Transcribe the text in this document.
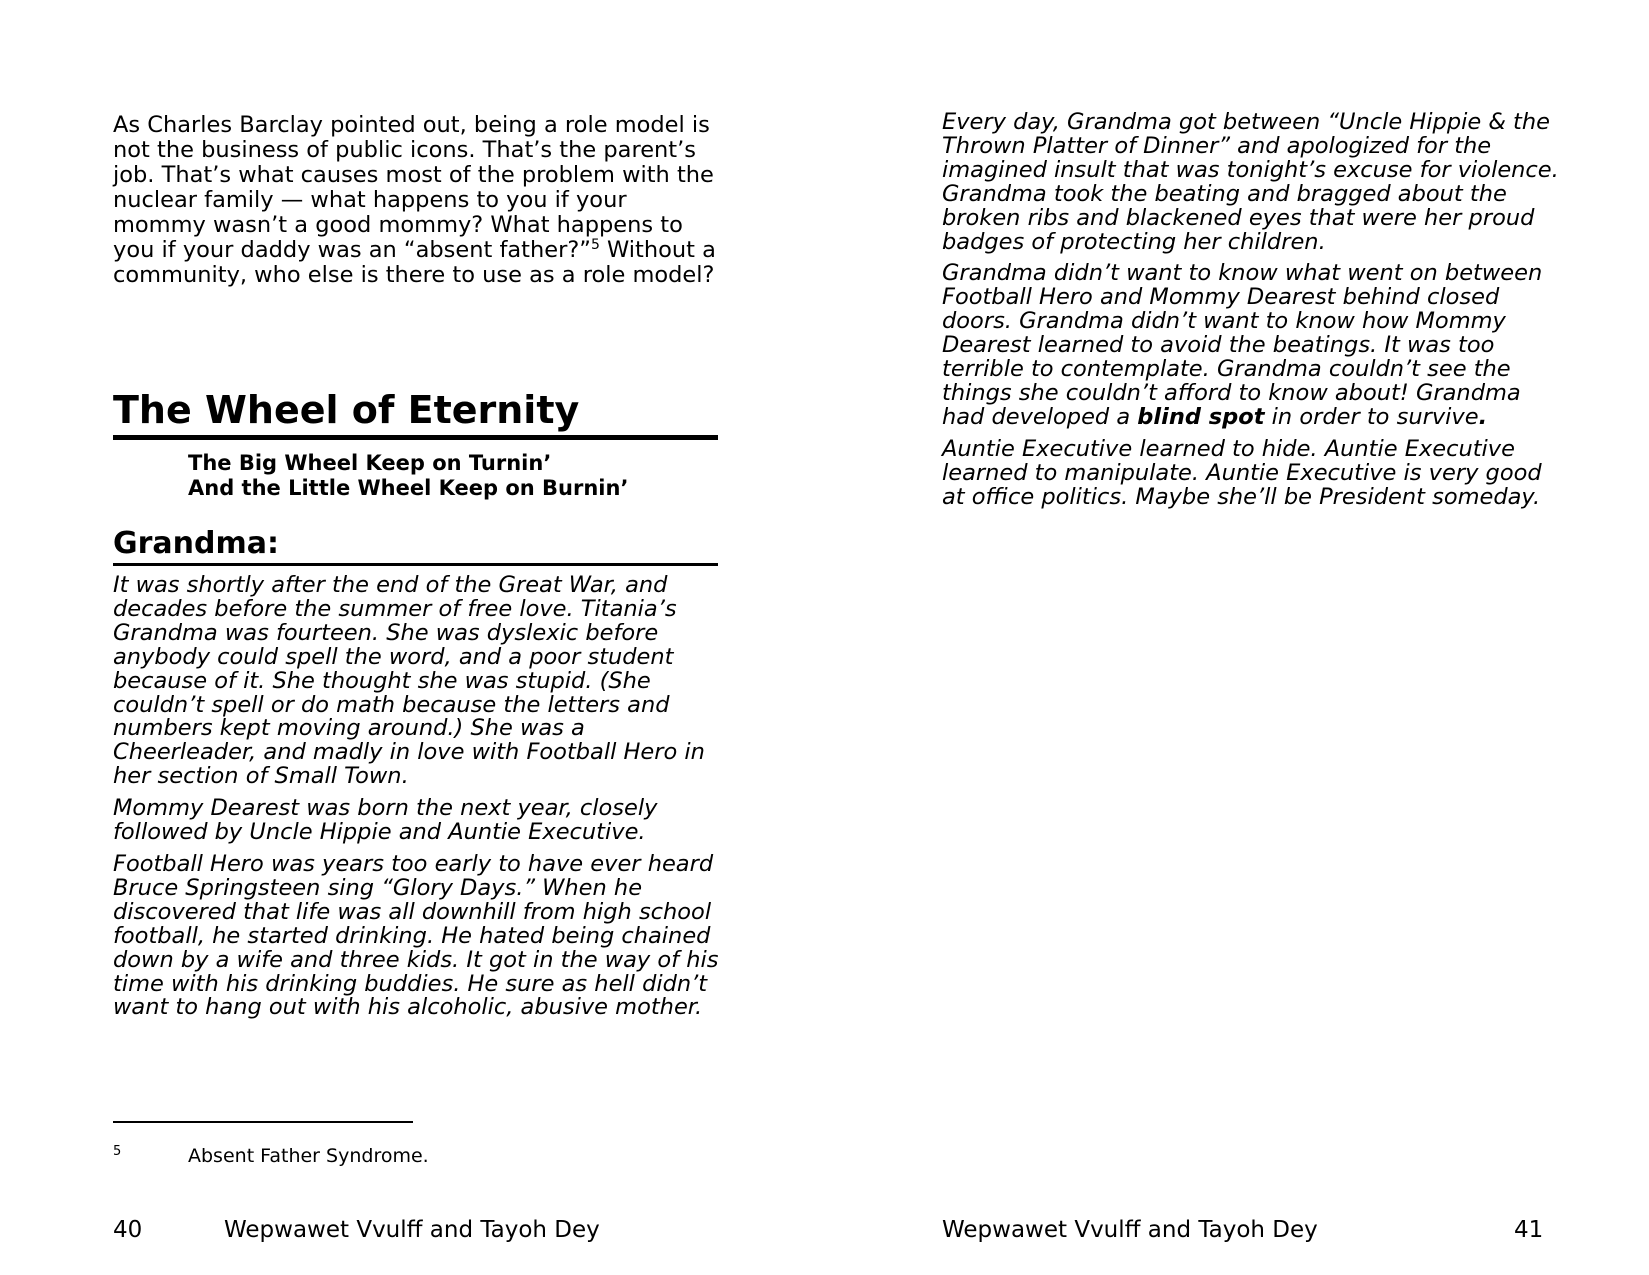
As Charles Barclay pointed out, being a role model is not the business of public icons. That’s the parent’s job. That’s what causes most of the problem with the nuclear family — what happens to you if your mommy wasn’t a good mommy? What happens to you if your daddy was an “absent father?”$^5$ Without a community, who else is there to use as a role model?

The Wheel of Eternity
The Big Wheel Keep on Turnin’
And the Little Wheel Keep on Burnin’
Grandma:

It was shortly after the end of the Great War, and decades before the summer of free love. Titania’s Grandma was fourteen. She was dyslexic before anybody could spell the word, and a poor student because of it. She thought she was stupid. (She couldn’t spell or do math because the letters and numbers kept moving around.) She was a Cheerleader, and madly in love with Football Hero in her section of Small Town.

Mommy Dearest was born the next year, closely followed by Uncle Hippie and Auntie Executive.

Football Hero was years too early to have ever heard Bruce Springsteen sing “Glory Days.” When he discovered that life was all downhill from high school football, he started drinking. He hated being chained down by a wife and three kids. It got in the way of his time with his drinking buddies. He sure as hell didn’t want to hang out with his alcoholic, abusive mother.

5	Absent Father Syndrome.
40	Wepwawet Vvulff and Tayoh Dey

Every day, Grandma got between “Uncle Hippie & the Thrown Platter of Dinner” and apologized for the imagined insult that was tonight’s excuse for violence. Grandma took the beating and bragged about the broken ribs and blackened eyes that were her proud badges of protecting her children.

Grandma didn’t want to know what went on between Football Hero and Mommy Dearest behind closed doors. Grandma didn’t want to know how Mommy Dearest learned to avoid the beatings. It was too terrible to contemplate. Grandma couldn’t see the things she couldn’t afford to know about! Grandma had developed a blind spot in order to survive.

Auntie Executive learned to hide. Auntie Executive learned to manipulate. Auntie Executive is very good at office politics. Maybe she’ll be President someday.

Wepwawet Vvulff and Tayoh Dey	41
